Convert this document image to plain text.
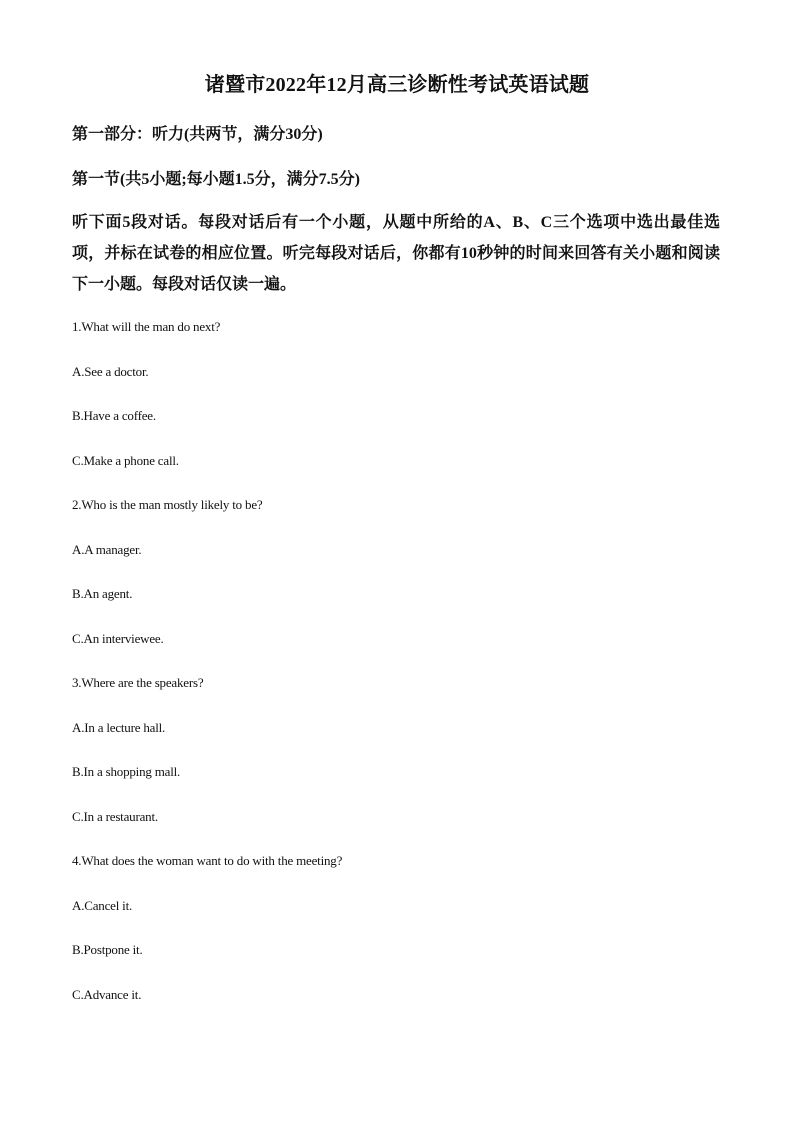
诸暨市2022年12月高三诊断性考试英语试题
第一部分：听力(共两节，满分30分)
第一节(共5小题;每小题1.5分，满分7.5分)
听下面5段对话。每段对话后有一个小题，从题中所给的A、B、C三个选项中选出最佳选项，并标在试卷的相应位置。听完每段对话后，你都有10秒钟的时间来回答有关小题和阅读下一小题。每段对话仅读一遍。
1.What will the man do next?
A.See a doctor.
B.Have a coffee.
C.Make a phone call.
2.Who is the man mostly likely to be?
A.A manager.
B.An agent.
C.An interviewee.
3.Where are the speakers?
A.In a lecture hall.
B.In a shopping mall.
C.In a restaurant.
4.What does the woman want to do with the meeting?
A.Cancel it.
B.Postpone it.
C.Advance it.
